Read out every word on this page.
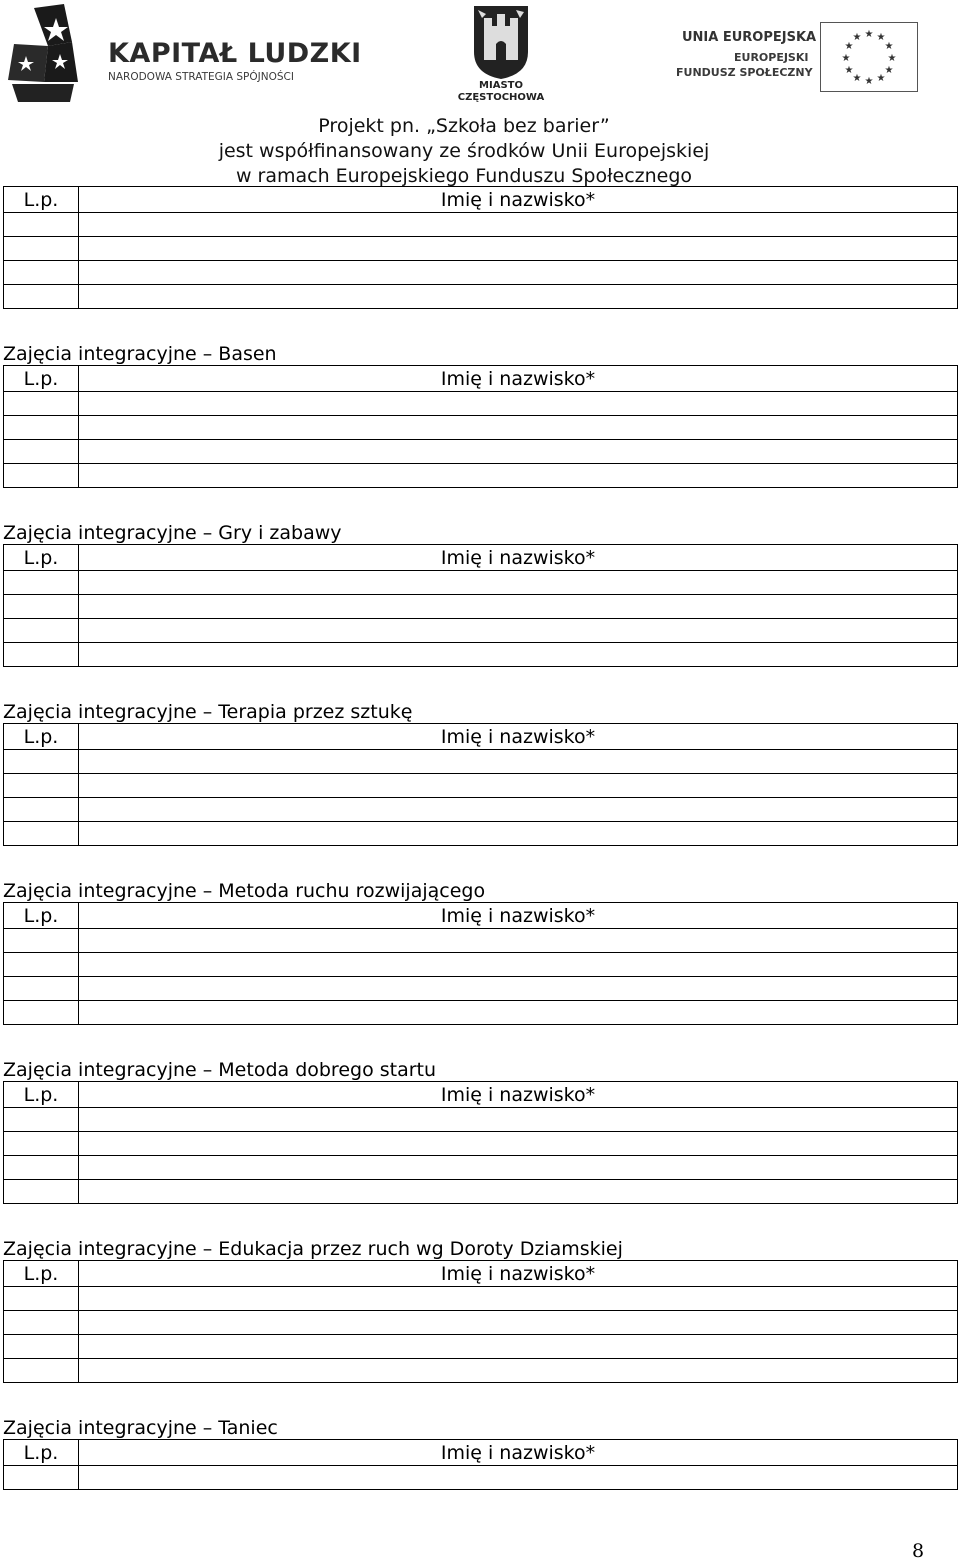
KAPITAŁ LUDZKI
NARODOWA STRATEGIA SPÓJNOŚCI
MIASTO
CZĘSTOCHOWA
UNIA EUROPEJSKA
EUROPEJSKI
FUNDUSZ SPOŁECZNY
★ ★
★
★
★
★
★
★
★
★
★
★
Projekt pn. „Szkoła bez barier”
jest współfinansowany ze środków Unii Europejskiej
w ramach Europejskiego Funduszu Społecznego
L.p.	Imię i nazwisko*

Zajęcia integracyjne – Basen
L.p.	Imię i nazwisko*

Zajęcia integracyjne – Gry i zabawy
L.p.	Imię i nazwisko*

Zajęcia integracyjne – Terapia przez sztukę
L.p.	Imię i nazwisko*

Zajęcia integracyjne – Metoda ruchu rozwijającego
L.p.	Imię i nazwisko*

Zajęcia integracyjne – Metoda dobrego startu
L.p.	Imię i nazwisko*

Zajęcia integracyjne – Edukacja przez ruch wg Doroty Dziamskiej
L.p.	Imię i nazwisko*

Zajęcia integracyjne – Taniec
L.p.	Imię i nazwisko*

8
